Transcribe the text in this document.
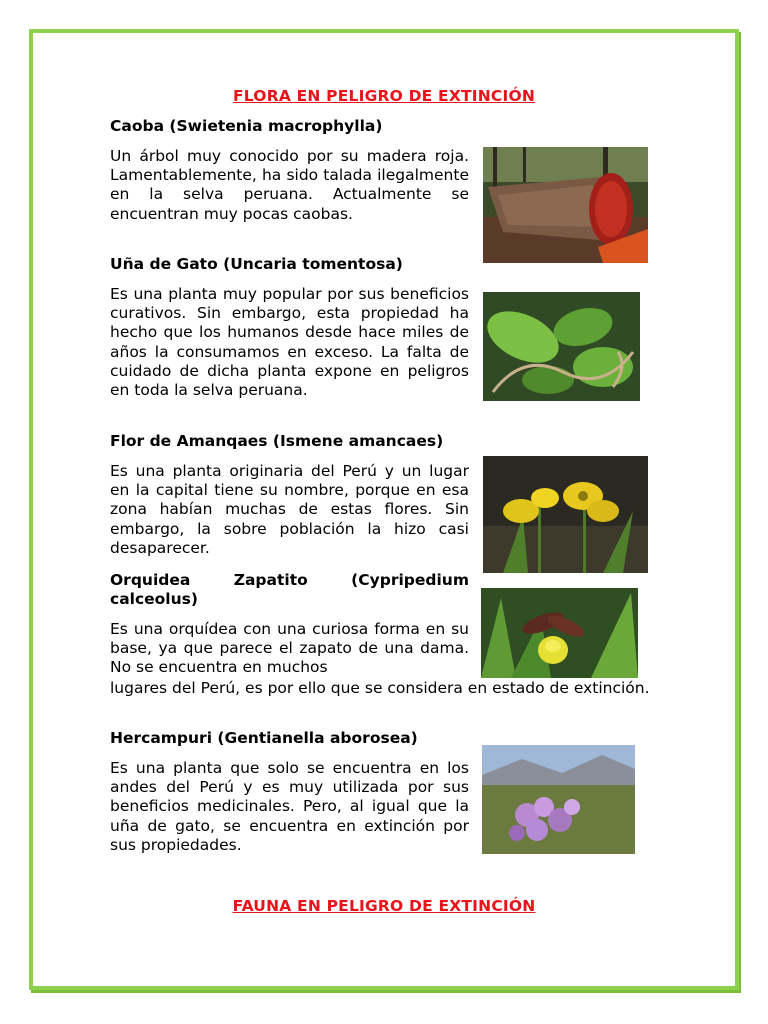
FLORA EN PELIGRO DE EXTINCIÓN
Caoba (Swietenia macrophylla)
Un árbol muy conocido por su madera roja. Lamentablemente, ha sido talada ilegalmente en la selva peruana. Actualmente se encuentran muy pocas caobas.
Uña de Gato (Uncaria tomentosa)
Es una planta muy popular por sus beneficios curativos. Sin embargo, esta propiedad ha hecho que los humanos desde hace miles de años la consumamos en exceso. La falta de cuidado de dicha planta expone en peligros en toda la selva peruana.
Flor de Amanqaes (Ismene amancaes)
Es una planta originaria del Perú y un lugar en la capital tiene su nombre, porque en esa zona habían muchas de estas flores. Sin embargo, la sobre población la hizo casi desaparecer.
Orquidea Zapatito (Cypripedium calceolus)
Es una orquídea con una curiosa forma en su base, ya que parece el zapato de una dama. No se encuentra en muchos
lugares del Perú, es por ello que se considera en estado de extinción.
Hercampuri (Gentianella aborosea)
Es una planta que solo se encuentra en los andes del Perú y es muy utilizada por sus beneficios medicinales. Pero, al igual que la uña de gato, se encuentra en extinción por sus propiedades.
FAUNA EN PELIGRO DE EXTINCIÓN
